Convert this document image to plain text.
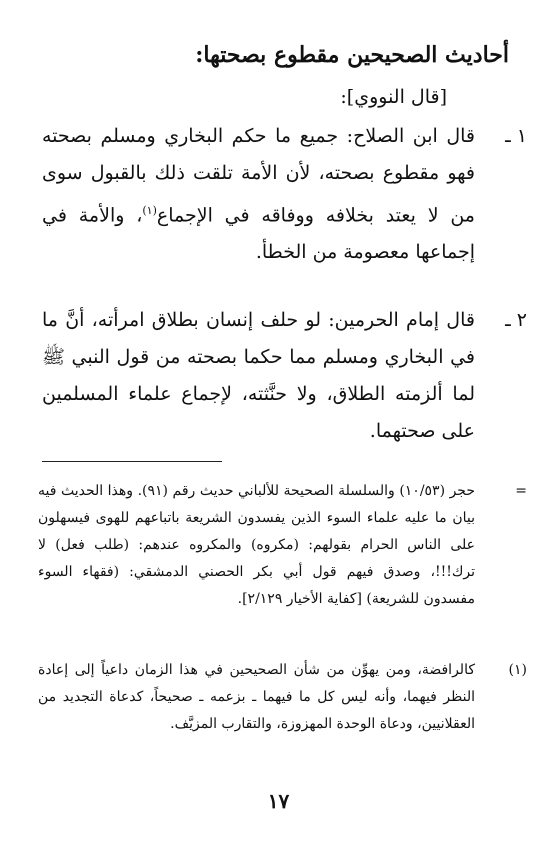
أحاديث الصحيحين مقطوع بصحتها:
[قال النووي]:
١ ـ
قال ابن الصلاح: جميع ما حكم البخاري ومسلم بصحته فهو مقطوع بصحته، لأن الأمة تلقت ذلك بالقبول سوى من لا يعتد بخلافه ووفاقه في الإجماع$^{(١)}$، والأمة في إجماعها معصومة من الخطأ.
٢ ـ
قال إمام الحرمين: لو حلف إنسان بطلاق امرأته، أنَّ ما في البخاري ومسلم مما حكما بصحته من قول النبي ﷺ لما ألزمته الطلاق، ولا حنَّثته، لإجماع علماء المسلمين على صحتهما.
=
حجر (١٠/٥٣) والسلسلة الصحيحة للألباني حديث رقم (٩١). وهذا الحديث فيه بيان ما عليه علماء السوء الذين يفسدون الشريعة باتباعهم للهوى فيسهلون على الناس الحرام بقولهم: (مكروه) والمكروه عندهم: (طلب فعل) لا ترك!!!، وصدق فيهم قول أبي بكر الحصني الدمشقي: (فقهاء السوء مفسدون للشريعة) [كفاية الأخيار ٢/١٢٩].
(١)
كالرافضة، ومن يهوِّن من شأن الصحيحين في هذا الزمان داعياً إلى إعادة النظر فيهما، وأنه ليس كل ما فيهما ـ بزعمه ـ صحيحاً، كدعاة التجديد من العقلانيين، ودعاة الوحدة المهزوزة، والتقارب المزيَّف.
١٧
